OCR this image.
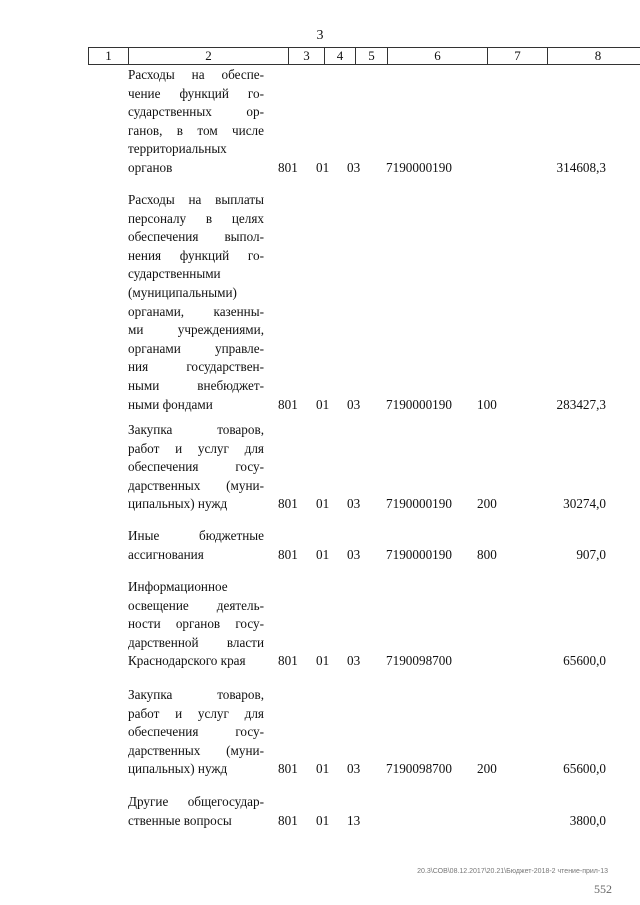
3
1	2	3	4	5	6	7	8
Расходы на обеспе-
чение функций го-
сударственных ор-
ганов, в том числе
территориальных
органов	801 01 03 7190000190	314608,3
Расходы на выплаты
персоналу в целях
обеспечения выпол-
нения функций го-
сударственными
(муниципальными)
органами, казенны-
ми учреждениями,
органами управле-
ния государствен-
ными внебюджет-
ными фондами	801 01 03 7190000190 100	283427,3
Закупка товаров,
работ и услуг для
обеспечения госу-
дарственных (муни-
ципальных) нужд	801 01 03 7190000190 200	30274,0
Иные бюджетные
ассигнования	801 01 03 7190000190 800	907,0
Информационное
освещение деятель-
ности органов госу-
дарственной власти
Краснодарского края	801 01 03 7190098700	65600,0
Закупка товаров,
работ и услуг для
обеспечения госу-
дарственных (муни-
ципальных) нужд	801 01 03 7190098700 200	65600,0
Другие общегосудар-
ственные вопросы	801 01 13	3800,0
20.3\СОВ\08.12.2017\20.21\Бюджет-2018-2 чтение-прил-13
552
